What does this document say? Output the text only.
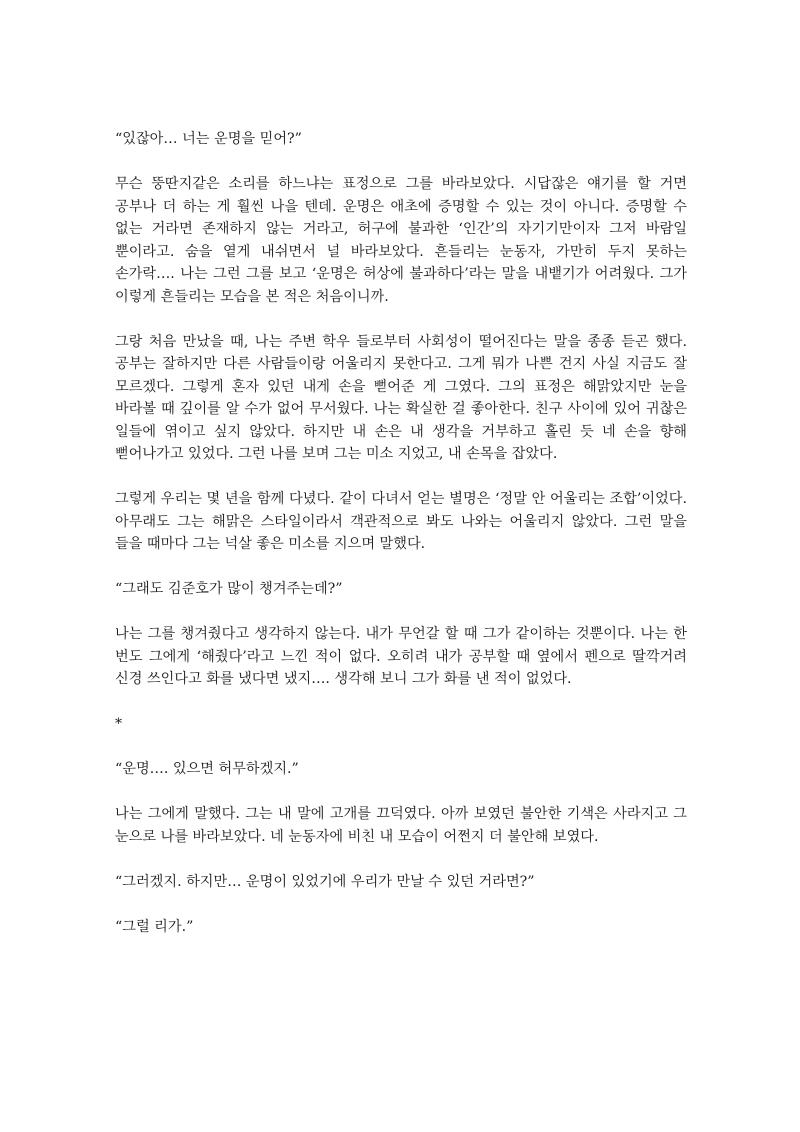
“있잖아… 너는 운명을 믿어?”

무슨 뚱딴지같은 소리를 하느냐는 표정으로 그를 바라보았다. 시답잖은 얘기를 할 거면 공부나 더 하는 게 훨씬 나을 텐데. 운명은 애초에 증명할 수 있는 것이 아니다. 증명할 수 없는 거라면 존재하지 않는 거라고, 허구에 불과한 ‘인간’의 자기기만이자 그저 바람일 뿐이라고. 숨을 옅게 내쉬면서 널 바라보았다. 흔들리는 눈동자, 가만히 두지 못하는 손가락…. 나는 그런 그를 보고 ‘운명은 허상에 불과하다’라는 말을 내뱉기가 어려웠다. 그가 이렇게 흔들리는 모습을 본 적은 처음이니까.

그랑 처음 만났을 때, 나는 주변 학우 들로부터 사회성이 떨어진다는 말을 종종 듣곤 했다. 공부는 잘하지만 다른 사람들이랑 어울리지 못한다고. 그게 뭐가 나쁜 건지 사실 지금도 잘 모르겠다. 그렇게 혼자 있던 내게 손을 뻗어준 게 그였다. 그의 표정은 해맑았지만 눈을 바라볼 때 깊이를 알 수가 없어 무서웠다. 나는 확실한 걸 좋아한다. 친구 사이에 있어 귀찮은 일들에 엮이고 싶지 않았다. 하지만 내 손은 내 생각을 거부하고 홀린 듯 네 손을 향해 뻗어나가고 있었다. 그런 나를 보며 그는 미소 지었고, 내 손목을 잡았다.

그렇게 우리는 몇 년을 함께 다녔다. 같이 다녀서 얻는 별명은 ‘정말 안 어울리는 조합’이었다. 아무래도 그는 해맑은 스타일이라서 객관적으로 봐도 나와는 어울리지 않았다. 그런 말을 들을 때마다 그는 넉살 좋은 미소를 지으며 말했다.

“그래도 김준호가 많이 챙겨주는데?”

나는 그를 챙겨줬다고 생각하지 않는다. 내가 무언갈 할 때 그가 같이하는 것뿐이다. 나는 한 번도 그에게 ‘해줬다’라고 느낀 적이 없다. 오히려 내가 공부할 때 옆에서 펜으로 딸깍거려 신경 쓰인다고 화를 냈다면 냈지…. 생각해 보니 그가 화를 낸 적이 없었다.

*

“운명…. 있으면 허무하겠지.”

나는 그에게 말했다. 그는 내 말에 고개를 끄덕였다. 아까 보였던 불안한 기색은 사라지고 그 눈으로 나를 바라보았다. 네 눈동자에 비친 내 모습이 어쩐지 더 불안해 보였다.

“그러겠지. 하지만… 운명이 있었기에 우리가 만날 수 있던 거라면?”

“그럴 리가.”
